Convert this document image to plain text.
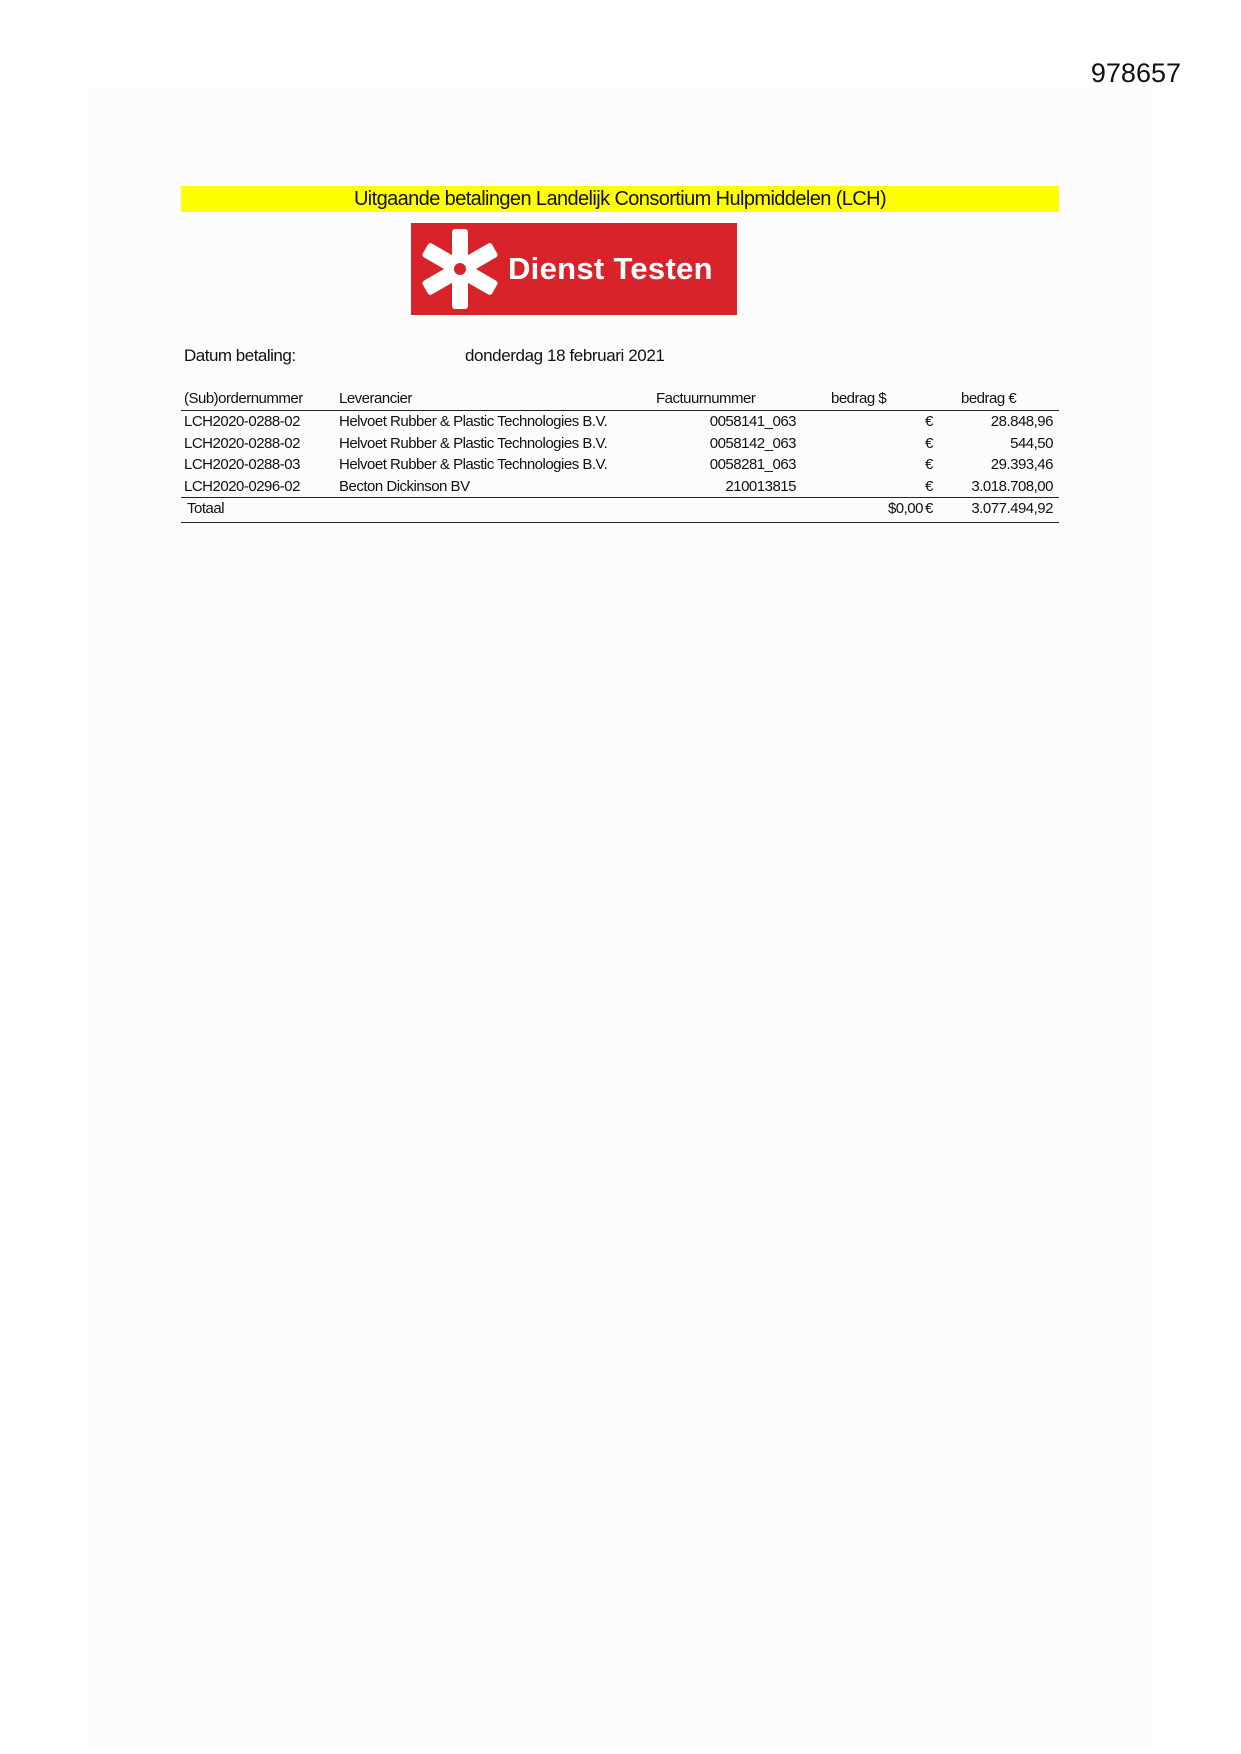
978657
Uitgaande betalingen Landelijk Consortium Hulpmiddelen (LCH)
Dienst Testen
Datum betaling:	donderdag 18 februari 2021
(Sub)ordernummer Leverancier	Factuurnummer	bedrag $	bedrag €
LCH2020-0288-02	Helvoet Rubber & Plastic Technologies B.V.	0058141_063	€	28.848,96
LCH2020-0288-02	Helvoet Rubber & Plastic Technologies B.V.	0058142_063	€	544,50
LCH2020-0288-03	Helvoet Rubber & Plastic Technologies B.V.	0058281_063	€	29.393,46
LCH2020-0296-02	Becton Dickinson BV	210013815	€	3.018.708,00
Totaal	$0,00 €	3.077.494,92
